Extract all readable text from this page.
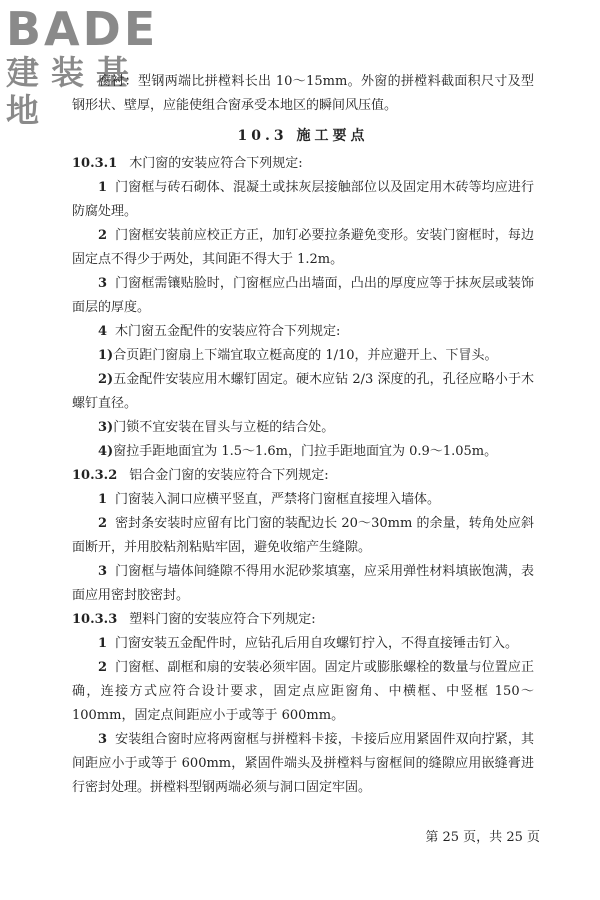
BADE
建装基地

腐衬：型钢两端比拼樘料长出 10～15mm。外窗的拼樘料截面积尺寸及型钢形状、壁厚，应能使组合窗承受本地区的瞬间风压值。

10.3 施工要点

10.3.1 木门窗的安装应符合下列规定:

1 门窗框与砖石砌体、混凝土或抹灰层接触部位以及固定用木砖等均应进行防腐处理。

2 门窗框安装前应校正方正，加钉必要拉条避免变形。安装门窗框时，每边固定点不得少于两处，其间距不得大于 1.2m。

3 门窗框需镶贴脸时，门窗框应凸出墙面，凸出的厚度应等于抹灰层或装饰面层的厚度。

4 木门窗五金配件的安装应符合下列规定:

1)合页距门窗扇上下端宜取立梃高度的 1/10，并应避开上、下冒头。

2)五金配件安装应用木螺钉固定。硬木应钻 2/3 深度的孔，孔径应略小于木螺钉直径。

3)门锁不宜安装在冒头与立梃的结合处。

4)窗拉手距地面宜为 1.5～1.6m，门拉手距地面宜为 0.9～1.05m。

10.3.2 铝合金门窗的安装应符合下列规定:

1 门窗装入洞口应横平竖直，严禁将门窗框直接埋入墙体。

2 密封条安装时应留有比门窗的装配边长 20～30mm 的余量，转角处应斜面断开，并用胶粘剂粘贴牢固，避免收缩产生缝隙。

3 门窗框与墙体间缝隙不得用水泥砂浆填塞，应采用弹性材料填嵌饱满，表面应用密封胶密封。

10.3.3 塑料门窗的安装应符合下列规定:

1 门窗安装五金配件时，应钻孔后用自攻螺钉拧入，不得直接锤击钉入。

2 门窗框、副框和扇的安装必须牢固。固定片或膨胀螺栓的数量与位置应正确，连接方式应符合设计要求，固定点应距窗角、中横框、中竖框 150～100mm，固定点间距应小于或等于 600mm。

3 安装组合窗时应将两窗框与拼樘料卡接，卡接后应用紧固件双向拧紧，其间距应小于或等于 600mm，紧固件端头及拼樘料与窗框间的缝隙应用嵌缝膏进行密封处理。拼樘料型钢两端必须与洞口固定牢固。

第 25 页，共 25 页
